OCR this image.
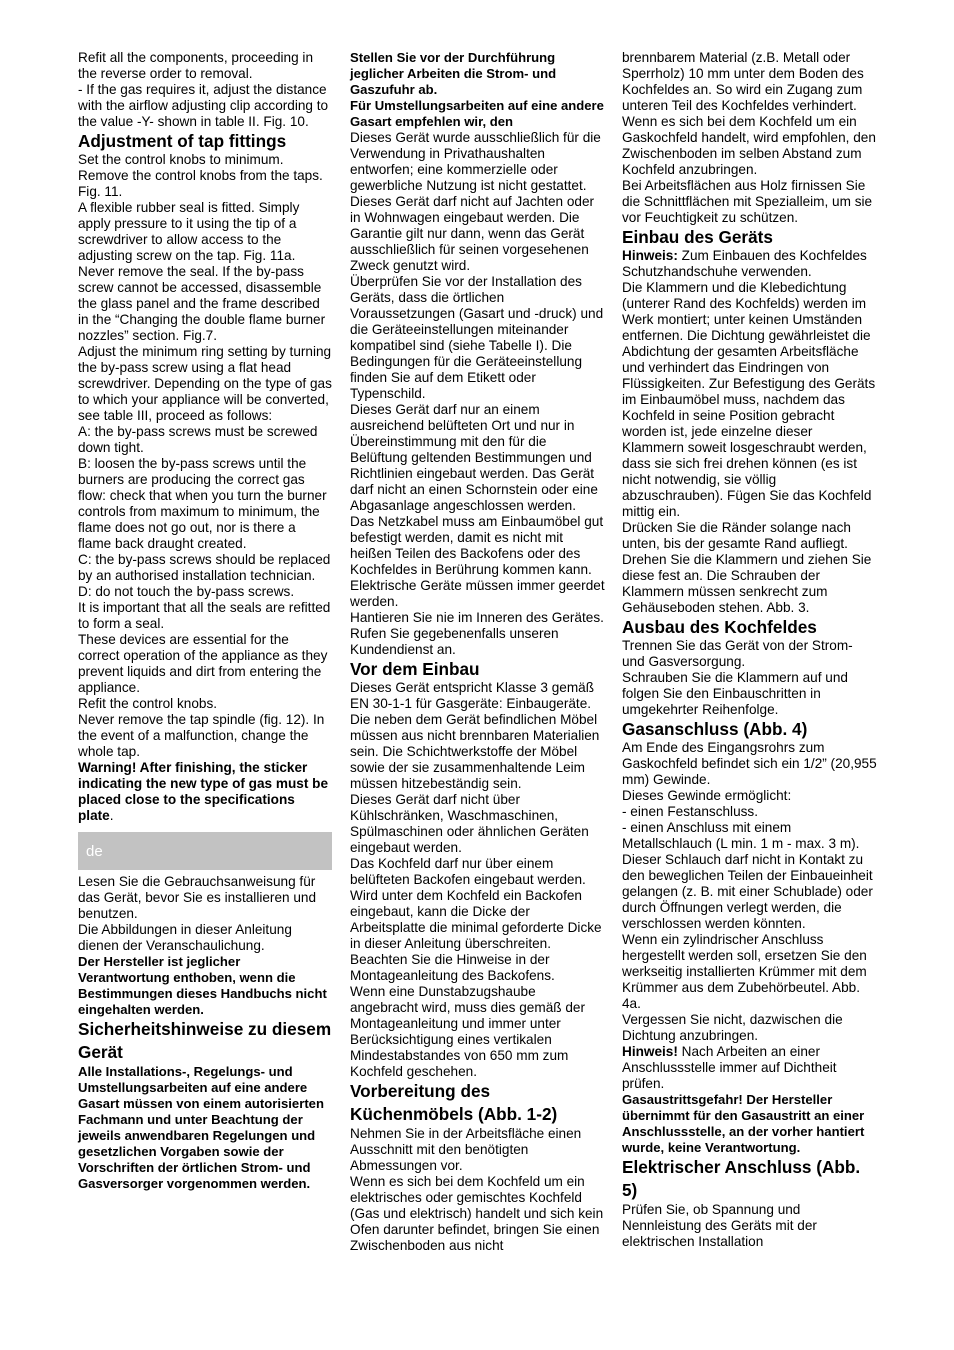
Refit all the components, proceeding in the reverse order to removal.

- If the gas requires it, adjust the distance with the airflow adjusting clip according to the value -Y- shown in table II. Fig. 10.

Adjustment of tap fittings

Set the control knobs to minimum.

Remove the control knobs from the taps. Fig. 11.

A flexible rubber seal is fitted. Simply apply pressure to it using the tip of a screwdriver to allow access to the adjusting screw on the tap. Fig. 11a.

Never remove the seal. If the by-pass screw cannot be accessed, disassemble the glass panel and the frame described in the “Changing the double flame burner nozzles” section. Fig.7.

Adjust the minimum ring setting by turning the by-pass screw using a flat head screwdriver. Depending on the type of gas to which your appliance will be converted, see table III, proceed as follows:

A: the by-pass screws must be screwed down tight.

B: loosen the by-pass screws until the burners are producing the correct gas flow: check that when you turn the burner controls from maximum to minimum, the flame does not go out, nor is there a flame back draught created.

C: the by-pass screws should be replaced by an authorised installation technician.

D: do not touch the by-pass screws.

It is important that all the seals are refitted to form a seal.

These devices are essential for the correct operation of the appliance as they prevent liquids and dirt from entering the appliance.

Refit the control knobs.

Never remove the tap spindle (fig. 12). In the event of a malfunction, change the whole tap.

Warning! After finishing, the sticker indicating the new type of gas must be placed close to the specifications plate.

de

Lesen Sie die Gebrauchsanweisung für das Gerät, bevor Sie es installieren und benutzen.

Die Abbildungen in dieser Anleitung dienen der Veranschaulichung.

Der Hersteller ist jeglicher Verantwortung enthoben, wenn die Bestimmungen dieses Handbuchs nicht eingehalten werden.

Sicherheitshinweise zu diesem Gerät

Alle Installations-, Regelungs- und Umstellungsarbeiten auf eine andere Gasart müssen von einem autorisierten Fachmann und unter Beachtung der jeweils anwendbaren Regelungen und gesetzlichen Vorgaben sowie der Vorschriften der örtlichen Strom- und Gasversorger vorgenommen werden.

Stellen Sie vor der Durchführung jeglicher Arbeiten die Strom- und Gaszufuhr ab.

Für Umstellungsarbeiten auf eine andere Gasart empfehlen wir, den

Dieses Gerät wurde ausschließlich für die Verwendung in Privathaushalten entworfen; eine kommerzielle oder gewerbliche Nutzung ist nicht gestattet. Dieses Gerät darf nicht auf Jachten oder in Wohnwagen eingebaut werden. Die Garantie gilt nur dann, wenn das Gerät ausschließlich für seinen vorgesehenen Zweck genutzt wird.

Überprüfen Sie vor der Installation des Geräts, dass die örtlichen Voraussetzungen (Gasart und -druck) und die Geräteeinstellungen miteinander kompatibel sind (siehe Tabelle I). Die Bedingungen für die Geräteeinstellung finden Sie auf dem Etikett oder Typenschild.

Dieses Gerät darf nur an einem ausreichend belüfteten Ort und nur in Übereinstimmung mit den für die Belüftung geltenden Bestimmungen und Richtlinien eingebaut werden. Das Gerät darf nicht an einen Schornstein oder eine Abgasanlage angeschlossen werden.

Das Netzkabel muss am Einbaumöbel gut befestigt werden, damit es nicht mit heißen Teilen des Backofens oder des Kochfeldes in Berührung kommen kann. Elektrische Geräte müssen immer geerdet werden.

Hantieren Sie nie im Inneren des Gerätes. Rufen Sie gegebenenfalls unseren Kundendienst an.

Vor dem Einbau

Dieses Gerät entspricht Klasse 3 gemäß EN 30-1-1 für Gasgeräte: Einbaugeräte. Die neben dem Gerät befindlichen Möbel müssen aus nicht brennbaren Materialien sein. Die Schichtwerkstoffe der Möbel sowie der sie zusammenhaltende Leim müssen hitzebeständig sein.

Dieses Gerät darf nicht über Kühlschränken, Waschmaschinen, Spülmaschinen oder ähnlichen Geräten eingebaut werden.

Das Kochfeld darf nur über einem belüfteten Backofen eingebaut werden. Wird unter dem Kochfeld ein Backofen eingebaut, kann die Dicke der Arbeitsplatte die minimal geforderte Dicke in dieser Anleitung überschreiten. Beachten Sie die Hinweise in der Montageanleitung des Backofens.

Wenn eine Dunstabzugshaube angebracht wird, muss dies gemäß der Montageanleitung und immer unter Berücksichtigung eines vertikalen Mindestabstandes von 650 mm zum Kochfeld geschehen.

Vorbereitung des Küchenmöbels (Abb. 1-2)

Nehmen Sie in der Arbeitsfläche einen Ausschnitt mit den benötigten Abmessungen vor.

Wenn es sich bei dem Kochfeld um ein elektrisches oder gemischtes Kochfeld (Gas und elektrisch) handelt und sich kein Ofen darunter befindet, bringen Sie einen Zwischenboden aus nicht

brennbarem Material (z.B. Metall oder Sperrholz) 10 mm unter dem Boden des Kochfeldes an. So wird ein Zugang zum unteren Teil des Kochfeldes verhindert. Wenn es sich bei dem Kochfeld um ein Gaskochfeld handelt, wird empfohlen, den Zwischenboden im selben Abstand zum Kochfeld anzubringen.

Bei Arbeitsflächen aus Holz firnissen Sie die Schnittflächen mit Spezialleim, um sie vor Feuchtigkeit zu schützen.

Einbau des Geräts

Hinweis: Zum Einbauen des Kochfeldes Schutzhandschuhe verwenden.

Die Klammern und die Klebedichtung (unterer Rand des Kochfelds) werden im Werk montiert; unter keinen Umständen entfernen. Die Dichtung gewährleistet die Abdichtung der gesamten Arbeitsfläche und verhindert das Eindringen von Flüssigkeiten. Zur Befestigung des Geräts im Einbaumöbel muss, nachdem das Kochfeld in seine Position gebracht worden ist, jede einzelne dieser Klammern soweit losgeschraubt werden, dass sie sich frei drehen können (es ist nicht notwendig, sie völlig abzuschrauben). Fügen Sie das Kochfeld mittig ein.

Drücken Sie die Ränder solange nach unten, bis der gesamte Rand aufliegt. Drehen Sie die Klammern und ziehen Sie diese fest an. Die Schrauben der Klammern müssen senkrecht zum Gehäuseboden stehen. Abb. 3.

Ausbau des Kochfeldes

Trennen Sie das Gerät von der Strom- und Gasversorgung.

Schrauben Sie die Klammern auf und folgen Sie den Einbauschritten in umgekehrter Reihenfolge.

Gasanschluss (Abb. 4)

Am Ende des Eingangsrohrs zum Gaskochfeld befindet sich ein 1/2” (20,955 mm) Gewinde.

Dieses Gewinde ermöglicht:

- einen Festanschluss.

- einen Anschluss mit einem Metallschlauch (L min. 1 m - max. 3 m). Dieser Schlauch darf nicht in Kontakt zu den beweglichen Teilen der Einbaueinheit gelangen (z. B. mit einer Schublade) oder durch Öffnungen verlegt werden, die verschlossen werden könnten.

Wenn ein zylindrischer Anschluss hergestellt werden soll, ersetzen Sie den werkseitig installierten Krümmer mit dem Krümmer aus dem Zubehörbeutel. Abb. 4a.

Vergessen Sie nicht, dazwischen die Dichtung anzubringen.

Hinweis! Nach Arbeiten an einer Anschlussstelle immer auf Dichtheit prüfen.

Gasaustrittsgefahr! Der Hersteller übernimmt für den Gasaustritt an einer Anschlussstelle, an der vorher hantiert wurde, keine Verantwortung.

Elektrischer Anschluss (Abb. 5)

Prüfen Sie, ob Spannung und Nennleistung des Geräts mit der elektrischen Installation
